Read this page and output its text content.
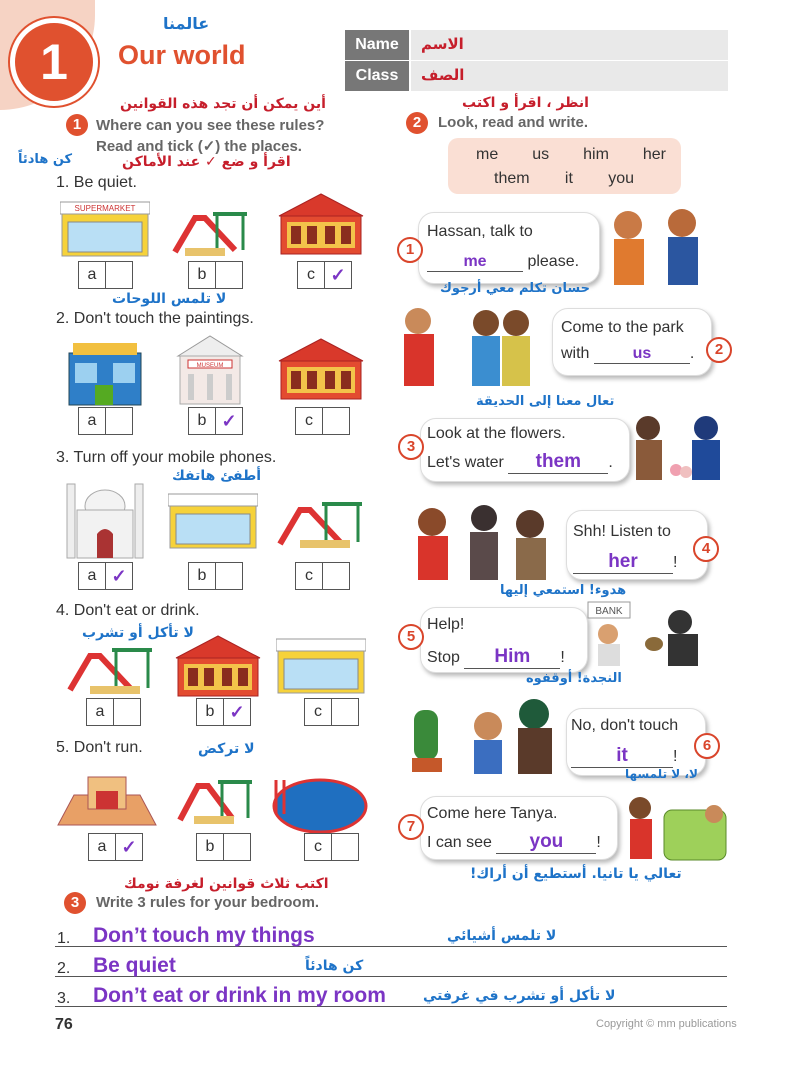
1
عالمنا
Our world	Name	الاسم
Class	الصف
أين يمكن أن تجد هذه القوانين
1 Where can you see these rules?
Read and tick (✓) the places.
كن هادئاً	اقرأ و ضع ✓ عند الأماكن
1. Be quiet.
SUPERMARKET
a	b	c ✓
لا تلمس اللوحات
2. Don't touch the paintings.
MUSEUM
a	b ✓	c
3. Turn off your mobile phones.
أطفئ هاتفك
a ✓	b	c
4. Don't eat or drink.
لا تأكل أو تشرب
a	b ✓	c
5. Don't run.	لا تركض
a ✓	b	c
انظر ، اقرأ و اكتب
2	Look, read and write.
me us him her
them it you
Hassan, talk to
me	please.
1
حسان تكلم معي أرجوك
Come to the park
with	us .	2
تعال معنا إلى الحديقة
Look at the flowers.
Let's water them .
3
Shh! Listen to
her !
4
هدوء! استمعي إليها
Help!
Stop Him !
5
BANK
النجدة! أوقفوه
No, don't touch
it	!
6
لا، لا تلمسها
Come here Tanya.
I can see you !
7
تعالي يا تانيا. أستطيع أن أراك!
اكتب ثلاث قوانين لغرفة نومك
3	Write 3 rules for your bedroom.
1. Don’t touch my things	لا تلمس أشيائي
2. Be quiet	كن هادئاً
3. Don’t eat or drink in my room	لا تأكل أو تشرب في غرفتي
76	Copyright © mm publications
